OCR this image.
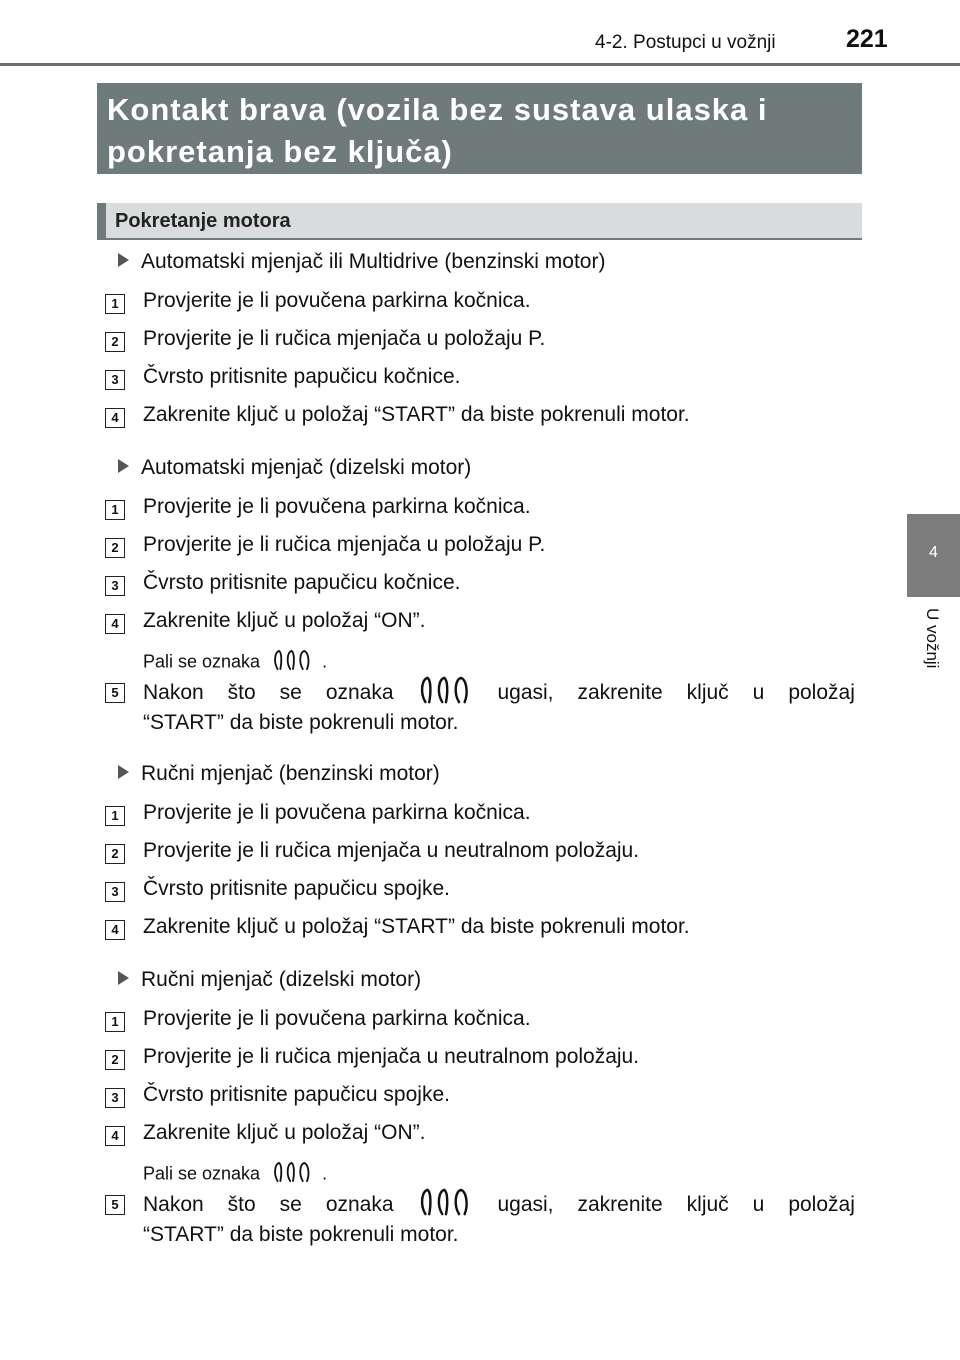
4-2. Postupci u vožnji	221
4
U vožnji
Kontakt brava (vozila bez sustava ulaska i
pokretanja bez ključa)
Pokretanje motora
Automatski mjenjač ili Multidrive (benzinski motor)
1	Provjerite je li povučena parkirna kočnica.
2	Provjerite je li ručica mjenjača u položaju P.
3	Čvrsto pritisnite papučicu kočnice.
4	Zakrenite ključ u položaj “START” da biste pokrenuli motor.
Automatski mjenjač (dizelski motor)
1	Provjerite je li povučena parkirna kočnica.
2	Provjerite je li ručica mjenjača u položaju P.
3	Čvrsto pritisnite papučicu kočnice.
4	Zakrenite ključ u položaj “ON”.
Pali se oznaka	.
5	Nakon što se oznaka	ugasi, zakrenite ključ u položaj
“START” da biste pokrenuli motor.
Ručni mjenjač (benzinski motor)
1	Provjerite je li povučena parkirna kočnica.
2	Provjerite je li ručica mjenjača u neutralnom položaju.
3	Čvrsto pritisnite papučicu spojke.
4	Zakrenite ključ u položaj “START” da biste pokrenuli motor.
Ručni mjenjač (dizelski motor)
1	Provjerite je li povučena parkirna kočnica.
2	Provjerite je li ručica mjenjača u neutralnom položaju.
3	Čvrsto pritisnite papučicu spojke.
4	Zakrenite ključ u položaj “ON”.
Pali se oznaka	.
5	Nakon što se oznaka	ugasi, zakrenite ključ u položaj
“START” da biste pokrenuli motor.
